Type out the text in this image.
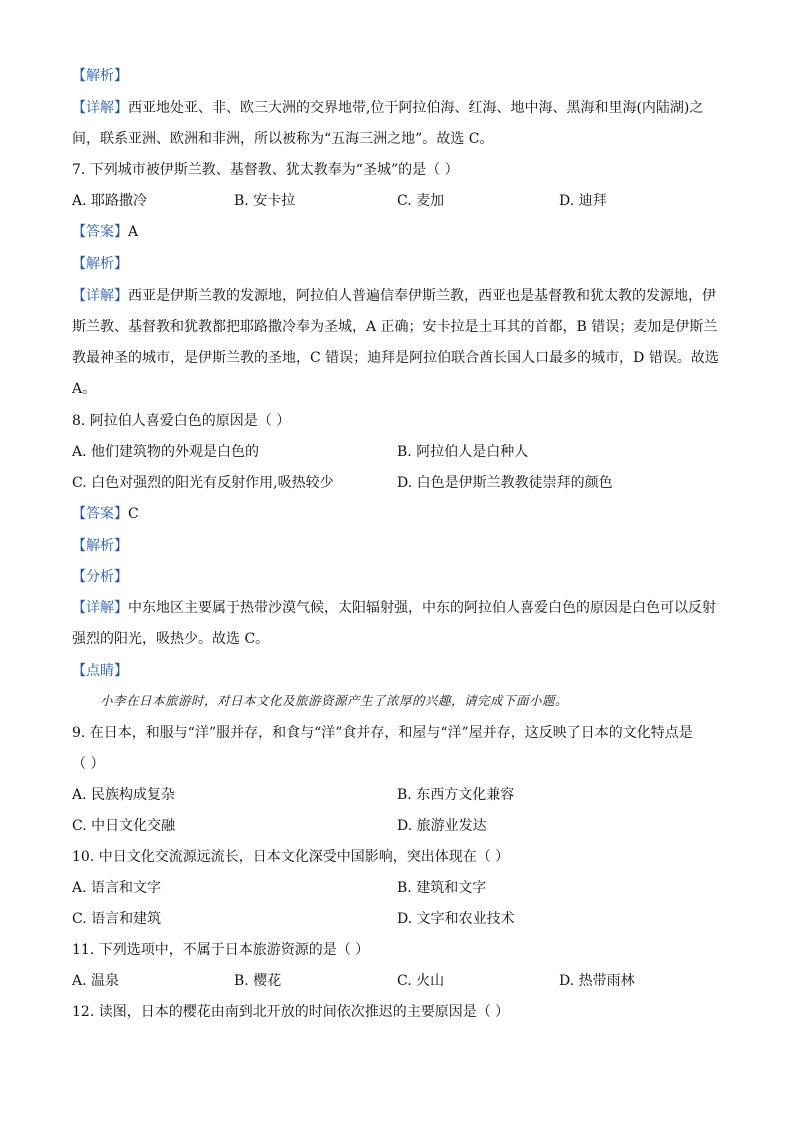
【解析】
【详解】西亚地处亚、非、欧三大洲的交界地带,位于阿拉伯海、红海、地中海、黑海和里海(内陆湖)之
间，联系亚洲、欧洲和非洲，所以被称为“五海三洲之地”。故选 C。
7. 下列城市被伊斯兰教、基督教、犹太教奉为“圣城”的是（ ）
A. 耶路撒冷	B. 安卡拉	C. 麦加	D. 迪拜
【答案】A
【解析】
【详解】西亚是伊斯兰教的发源地，阿拉伯人普遍信奉伊斯兰教，西亚也是基督教和犹太教的发源地，伊
斯兰教、基督教和犹教都把耶路撒冷奉为圣城，A 正确；安卡拉是土耳其的首都，B 错误；麦加是伊斯兰
教最神圣的城市，是伊斯兰教的圣地，C 错误；迪拜是阿拉伯联合酋长国人口最多的城市，D 错误。故选
A。
8. 阿拉伯人喜爱白色的原因是（ ）
A. 他们建筑物的外观是白色的	B. 阿拉伯人是白种人
C. 白色对强烈的阳光有反射作用,吸热较少	D. 白色是伊斯兰教教徒崇拜的颜色
【答案】C
【解析】
【分析】
【详解】中东地区主要属于热带沙漠气候，太阳辐射强，中东的阿拉伯人喜爱白色的原因是白色可以反射
强烈的阳光，吸热少。故选 C。
【点睛】
小李在日本旅游时，对日本文化及旅游资源产生了浓厚的兴趣，请完成下面小题。
9. 在日本，和服与“洋”服并存，和食与“洋”食并存，和屋与“洋”屋并存，这反映了日本的文化特点是
（ ）
A. 民族构成复杂	B. 东西方文化兼容
C. 中日文化交融	D. 旅游业发达
10. 中日文化交流源远流长，日本文化深受中国影响，突出体现在（ ）
A. 语言和文字	B. 建筑和文字
C. 语言和建筑	D. 文字和农业技术
11. 下列选项中，不属于日本旅游资源的是（ ）
A. 温泉	B. 樱花	C. 火山	D. 热带雨林
12. 读图，日本的樱花由南到北开放的时间依次推迟的主要原因是（ ）
